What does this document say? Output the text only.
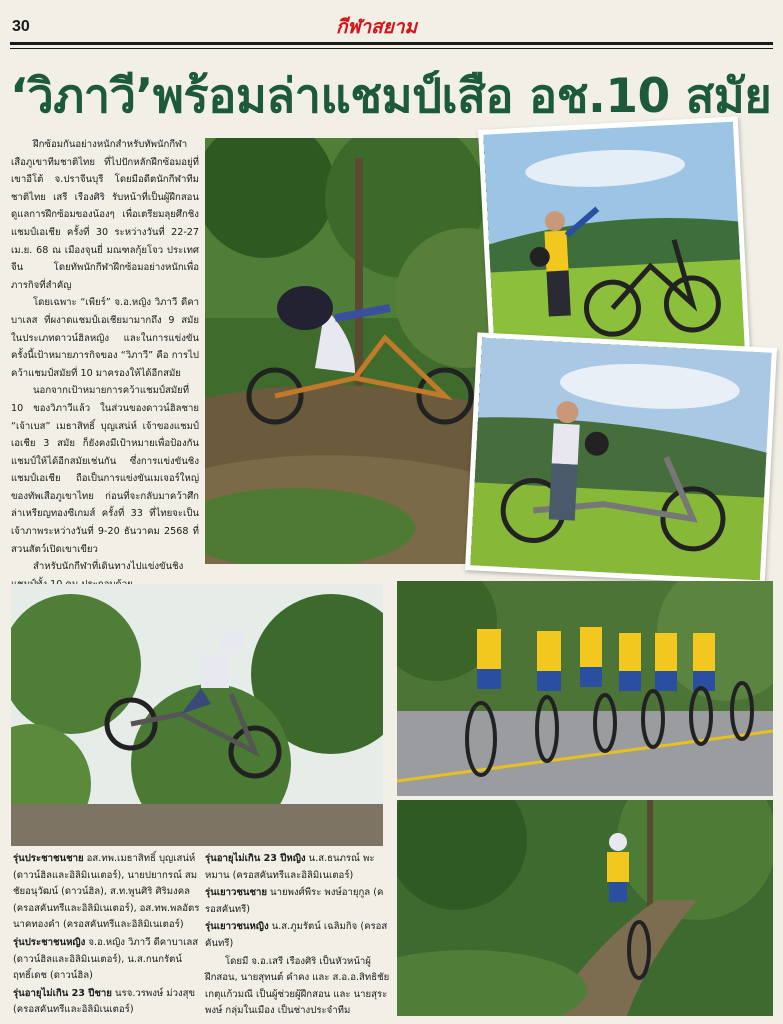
30	กีฬาสยาม
‘วิภาวี’พร้อมล่าแชมป์เสือ อช.10 สมัย

ฝึกซ้อมกันอย่างหนักสำหรับทัพนักกีฬาเสือภูเขาทีมชาติไทย ที่ไปปักหลักฝึกซ้อมอยู่ที่เขาอีโต้ จ.ปราจีนบุรี โดยมีอดีตนักกีฬาทีมชาติไทย เสรี เรืองศิริ รับหน้าที่เป็นผู้ฝึกสอน ดูแลการฝึกซ้อมของน้องๆ เพื่อเตรียมลุยศึกชิงแชมป์เอเชีย ครั้งที่ 30 ระหว่างวันที่ 22-27 เม.ย. 68 ณ เมืองจุนยี่ มณฑลกุ้ยโจว ประเทศจีน โดยทัพนักกีฬาฝึกซ้อมอย่างหนักเพื่อภารกิจที่สำคัญ

โดยเฉพาะ “เพียร์” จ.อ.หญิง วิภาวี ดีคาบาเลส ที่ผงาดแชมป์เอเชียมามากถึง 9 สมัย ในประเภทดาวน์ฮิลหญิง และในการแข่งขันครั้งนี้เป้าหมายภารกิจของ “วิภาวี” คือ การไปคว้าแชมป์สมัยที่ 10 มาครองให้ได้อีกสมัย

นอกจากเป้าหมายการคว้าแชมป์สมัยที่ 10 ของวิภาวีแล้ว ในส่วนของดาวน์ฮิลชาย “เจ้าเบส” เมธาสิทธิ์ บุญเสน่ห์ เจ้าของแชมป์เอเชีย 3 สมัย ก็ยังคงมีเป้าหมายเพื่อป้องกันแชมป์ให้ได้อีกสมัยเช่นกัน ซึ่งการแข่งขันชิงแชมป์เอเชีย ถือเป็นการแข่งขันเมเจอร์ใหญ่ของทัพเสือภูเขาไทย ก่อนที่จะกลับมาคว้าศึกล่าเหรียญทองซีเกมส์ ครั้งที่ 33 ที่ไทยจะเป็นเจ้าภาพระหว่างวันที่ 9-20 ธันวาคม 2568 ที่สวนสัตว์เปิดเขาเขียว

สำหรับนักกีฬาที่เดินทางไปแข่งขันชิง

รุ่นประชาชนชาย อส.ทพ.เมธาสิทธิ์ บุญเสน่ห์ (ดาวน์ฮิลและอิลิมิเนเตอร์), นายปยากรณ์ สมชัยอนุวัฒน์ (ดาวน์ฮิล), ส.ท.พูนศิริ ศิริมงคล (ครอสคันทรีและอิลิมิเนเตอร์), อส.ทพ.พลอัตร นาคทองคำ (ครอสคันทรีและอิลิมิเนเตอร์)

รุ่นประชาชนหญิง จ.อ.หญิง วิภาวี ดีคาบาเลส (ดาวน์ฮิลและอิลิมิเนเตอร์), น.ส.กนกรัตน์ ฤทธิ์เดช (ดาวน์ฮิล)

รุ่นอายุไม่เกิน 23 ปีชาย นรจ.วรพงษ์ ม่วงสุข (ครอสคันทรีและอิลิมิเนเตอร์)

รุ่นอายุไม่เกิน 23 ปีหญิง น.ส.ธนภรณ์ พะหมาน (ครอสคันทรีและอิลิมิเนเตอร์)

รุ่นเยาวชนชาย นายพงศ์พีระ พงษ์อายุกูล (ครอสคันทรี)

รุ่นเยาวชนหญิง น.ส.ภูมรัตน์ เฉลิมกิจ (ครอสคันทรี)

โดยมี จ.อ.เสรี เรืองศิริ เป็นหัวหน้าผู้ฝึกสอน, นายสุทนต์ คำคง และ ส.อ.อ.สิทธิชัย เกตุแก้วมณี เป็นผู้ช่วยผู้ฝึกสอน และ นายสุระพงษ์ กลุ่มในเมือง เป็นช่างประจำทีม
